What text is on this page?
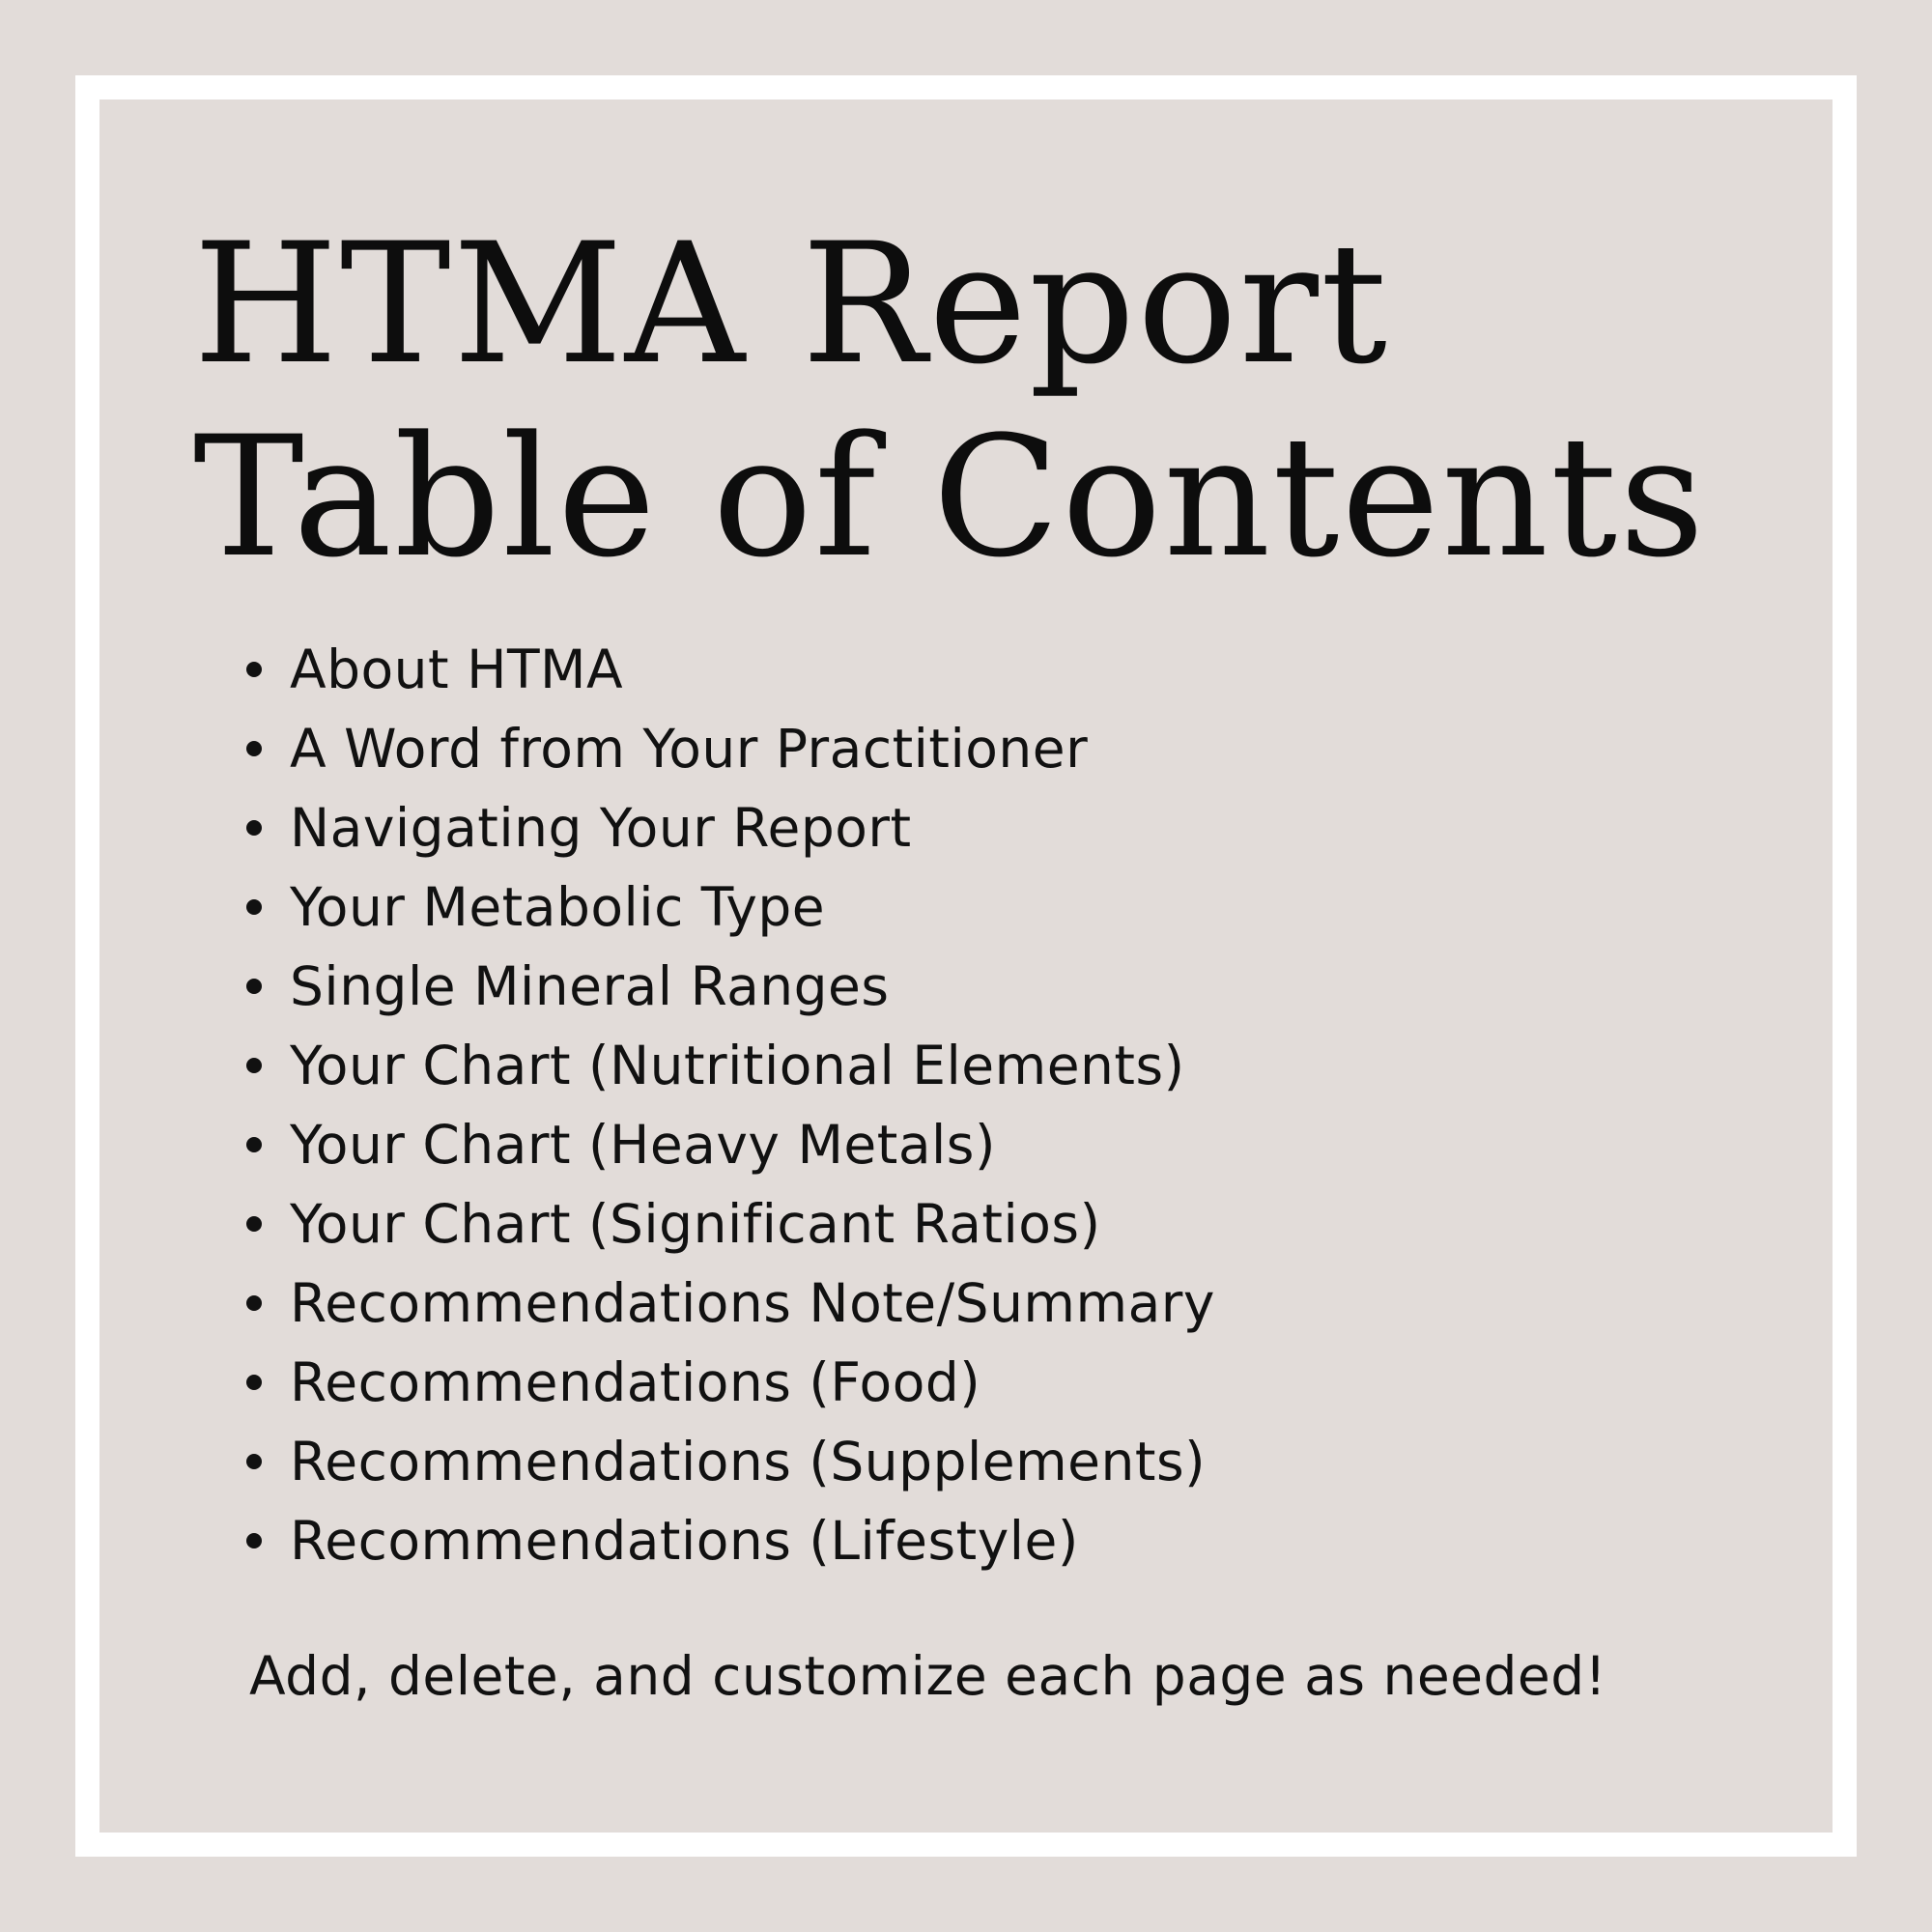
HTMA Report
Table of Contents
About HTMA
A Word from Your Practitioner
Navigating Your Report
Your Metabolic Type
Single Mineral Ranges
Your Chart (Nutritional Elements)
Your Chart (Heavy Metals)
Your Chart (Significant Ratios)
Recommendations Note/Summary
Recommendations (Food)
Recommendations (Supplements)
Recommendations (Lifestyle)

Add, delete, and customize each page as needed!
